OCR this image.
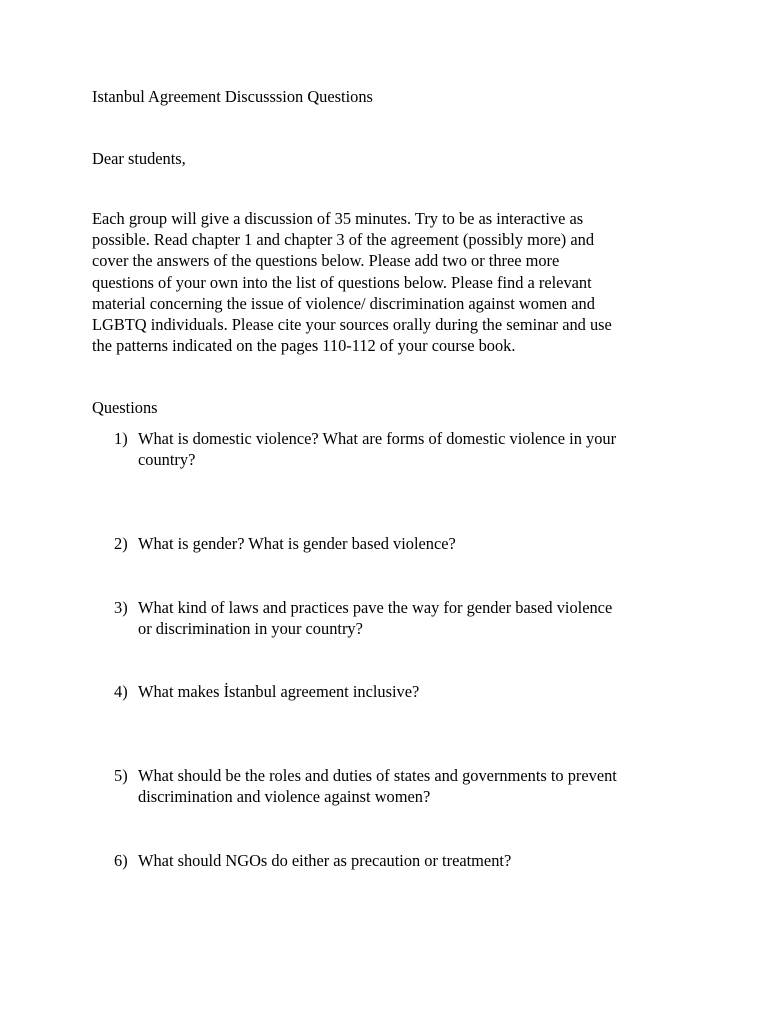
Istanbul Agreement Discusssion Questions
Dear students,
Each group will give a discussion of 35 minutes. Try to be as interactive as
possible. Read chapter 1 and chapter 3 of the agreement (possibly more) and
cover the answers of the questions below. Please add two or three more
questions of your own into the list of questions below. Please find a relevant
material concerning the issue of violence/ discrimination against women and
LGBTQ individuals. Please cite your sources orally during the seminar and use
the patterns indicated on the pages 110-112 of your course book.
Questions
1) What is domestic violence? What are forms of domestic violence in your
country?
2) What is gender? What is gender based violence?
3) What kind of laws and practices pave the way for gender based violence
or discrimination in your country?
4) What makes İstanbul agreement inclusive?
5) What should be the roles and duties of states and governments to prevent
discrimination and violence against women?
6) What should NGOs do either as precaution or treatment?
